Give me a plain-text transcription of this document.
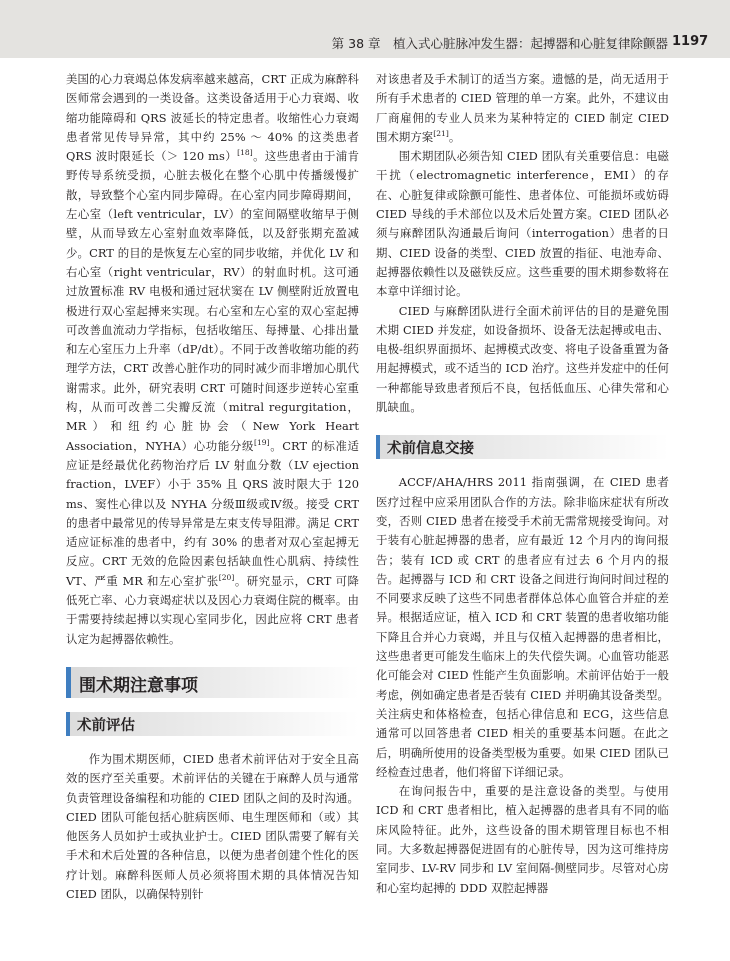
第 38 章　植入式心脏脉冲发生器：起搏器和心脏复律除颤器 1197

美国的心力衰竭总体发病率越来越高，CRT 正成为麻醉科医师常会遇到的一类设备。这类设备适用于心力衰竭、收缩功能障碍和 QRS 波延长的特定患者。收缩性心力衰竭患者常见传导异常，其中约 25% ～ 40% 的这类患者 QRS 波时限延长（＞ 120 ms）[18]。这些患者由于浦肯野传导系统受损，心脏去极化在整个心肌中传播缓慢扩散，导致整个心室内同步障碍。在心室内同步障碍期间，左心室（left ventricular，LV）的室间隔壁收缩早于侧壁，从而导致左心室射血效率降低，以及舒张期充盈减少。CRT 的目的是恢复左心室的同步收缩，并优化 LV 和右心室（right ventricular，RV）的射血时机。这可通过放置标准 RV 电极和通过冠状窦在 LV 侧壁附近放置电极进行双心室起搏来实现。右心室和左心室的双心室起搏可改善血流动力学指标，包括收缩压、每搏量、心排出量和左心室压力上升率（dP/dt）。不同于改善收缩功能的药理学方法，CRT 改善心脏作功的同时减少而非增加心肌代谢需求。此外，研究表明 CRT 可随时间逐步逆转心室重构，从而可改善二尖瓣反流（mitral regurgitation，MR）和纽约心脏协会（New York Heart Association，NYHA）心功能分级[19]。CRT 的标准适应证是经最优化药物治疗后 LV 射血分数（LV ejection fraction，LVEF）小于 35% 且 QRS 波时限大于 120 ms、窦性心律以及 NYHA 分级Ⅲ级或Ⅳ级。接受 CRT 的患者中最常见的传导异常是左束支传导阻滞。满足 CRT 适应证标准的患者中，约有 30% 的患者对双心室起搏无反应。CRT 无效的危险因素包括缺血性心肌病、持续性 VT、严重 MR 和左心室扩张[20]。研究显示，CRT 可降低死亡率、心力衰竭症状以及因心力衰竭住院的概率。由于需要持续起搏以实现心室同步化，因此应将 CRT 患者认定为起搏器依赖性。

围术期注意事项
术前评估

作为围术期医师，CIED 患者术前评估对于安全且高效的医疗至关重要。术前评估的关键在于麻醉人员与通常负责管理设备编程和功能的 CIED 团队之间的及时沟通。CIED 团队可能包括心脏病医师、电生理医师和（或）其他医务人员如护士或执业护士。CIED 团队需要了解有关手术和术后处置的各种信息，以便为患者创建个性化的医疗计划。麻醉科医师人员必须将围术期的具体情况告知 CIED 团队，以确保特别针

对该患者及手术制订的适当方案。遗憾的是，尚无适用于所有手术患者的 CIED 管理的单一方案。此外，不建议由厂商雇佣的专业人员来为某种特定的 CIED 制定 CIED 围术期方案[21]。

围术期团队必须告知 CIED 团队有关重要信息：电磁干扰（electromagnetic interference，EMI）的存在、心脏复律或除颤可能性、患者体位、可能损坏或妨碍 CIED 导线的手术部位以及术后处置方案。CIED 团队必须与麻醉团队沟通最后询问（interrogation）患者的日期、CIED 设备的类型、CIED 放置的指征、电池寿命、起搏器依赖性以及磁铁反应。这些重要的围术期参数将在本章中详细讨论。

CIED 与麻醉团队进行全面术前评估的目的是避免围术期 CIED 并发症，如设备损坏、设备无法起搏或电击、电极-组织界面损坏、起搏模式改变、将电子设备重置为备用起搏模式，或不适当的 ICD 治疗。这些并发症中的任何一种都能导致患者预后不良，包括低血压、心律失常和心肌缺血。

术前信息交接

ACCF/AHA/HRS 2011 指南强调，在 CIED 患者医疗过程中应采用团队合作的方法。除非临床症状有所改变，否则 CIED 患者在接受手术前无需常规接受询问。对于装有心脏起搏器的患者，应有最近 12 个月内的询问报告；装有 ICD 或 CRT 的患者应有过去 6 个月内的报告。起搏器与 ICD 和 CRT 设备之间进行询问时间过程的不同要求反映了这些不同患者群体总体心血管合并症的差异。根据适应证，植入 ICD 和 CRT 装置的患者收缩功能下降且合并心力衰竭，并且与仅植入起搏器的患者相比，这些患者更可能发生临床上的失代偿失调。心血管功能恶化可能会对 CIED 性能产生负面影响。术前评估始于一般考虑，例如确定患者是否装有 CIED 并明确其设备类型。关注病史和体格检查，包括心律信息和 ECG，这些信息通常可以回答患者 CIED 相关的重要基本问题。在此之后，明确所使用的设备类型极为重要。如果 CIED 团队已经检查过患者，他们将留下详细记录。

在询问报告中，重要的是注意设备的类型。与使用 ICD 和 CRT 患者相比，植入起搏器的患者具有不同的临床风险特征。此外，这些设备的围术期管理目标也不相同。大多数起搏器促进固有的心脏传导，因为这可维持房室同步、LV-RV 同步和 LV 室间隔-侧壁同步。尽管对心房和心室均起搏的 DDD 双腔起搏器
